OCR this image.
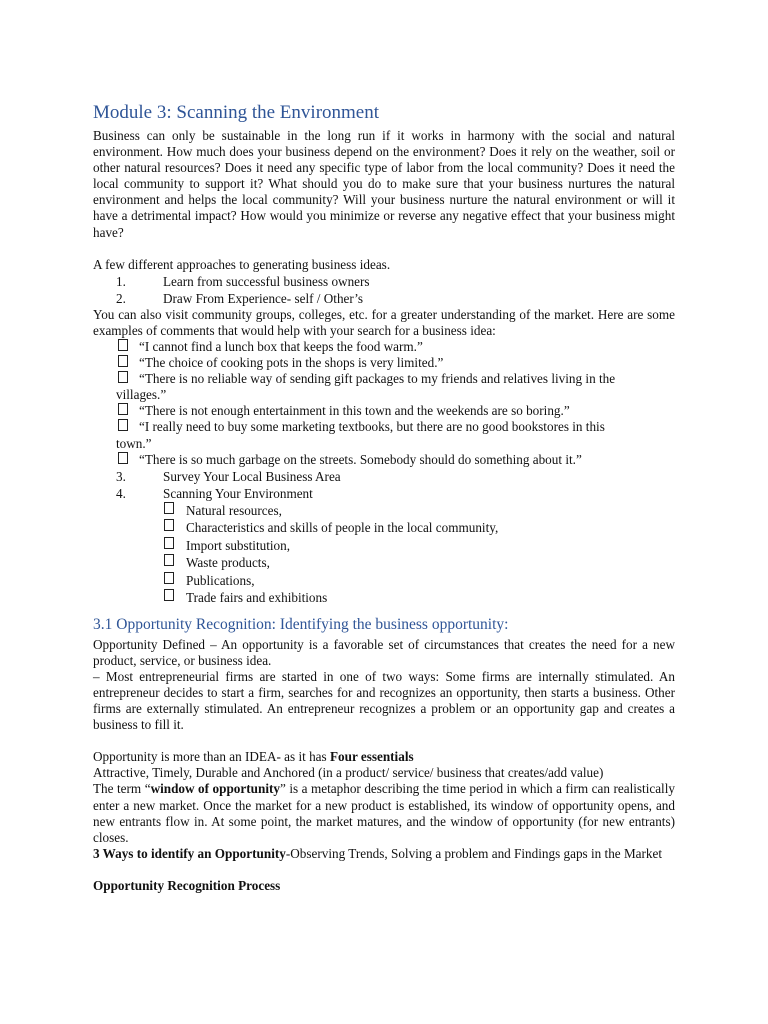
Module 3: Scanning the Environment

Business can only be sustainable in the long run if it works in harmony with the social and natural environment. How much does your business depend on the environment? Does it rely on the weather, soil or other natural resources? Does it need any specific type of labor from the local community? Does it need the local community to support it? What should you do to make sure that your business nurtures the natural environment and helps the local community? Will your business nurture the natural environment or will it have a detrimental impact? How would you minimize or reverse any negative effect that your business might have?

A few different approaches to generating business ideas.

1.	Learn from successful business owners
2.	Draw From Experience- self / Other’s

You can also visit community groups, colleges, etc. for a greater understanding of the market. Here are some examples of comments that would help with your search for a business idea:

“I cannot find a lunch box that keeps the food warm.”
“The choice of cooking pots in the shops is very limited.”
“There is no reliable way of sending gift packages to my friends and relatives living in the
villages.”
“There is not enough entertainment in this town and the weekends are so boring.”
“I really need to buy some marketing textbooks, but there are no good bookstores in this
town.”
“There is so much garbage on the streets. Somebody should do something about it.”
3.	Survey Your Local Business Area
4.	Scanning Your Environment
Natural resources,
Characteristics and skills of people in the local community,
Import substitution,
Waste products,
Publications,
Trade fairs and exhibitions
3.1 Opportunity Recognition: Identifying the business opportunity:

Opportunity Defined – An opportunity is a favorable set of circumstances that creates the need for a new product, service, or business idea.

– Most entrepreneurial firms are started in one of two ways: Some firms are internally stimulated. An entrepreneur decides to start a firm, searches for and recognizes an opportunity, then starts a business. Other firms are externally stimulated. An entrepreneur recognizes a problem or an opportunity gap and creates a business to fill it.

Opportunity is more than an IDEA- as it has Four essentials

Attractive, Timely, Durable and Anchored (in a product/ service/ business that creates/add value)

The term “window of opportunity” is a metaphor describing the time period in which a firm can realistically enter a new market. Once the market for a new product is established, its window of opportunity opens, and new entrants flow in. At some point, the market matures, and the window of opportunity (for new entrants) closes.

3 Ways to identify an Opportunity-Observing Trends, Solving a problem and Findings gaps in the Market

Opportunity Recognition Process
